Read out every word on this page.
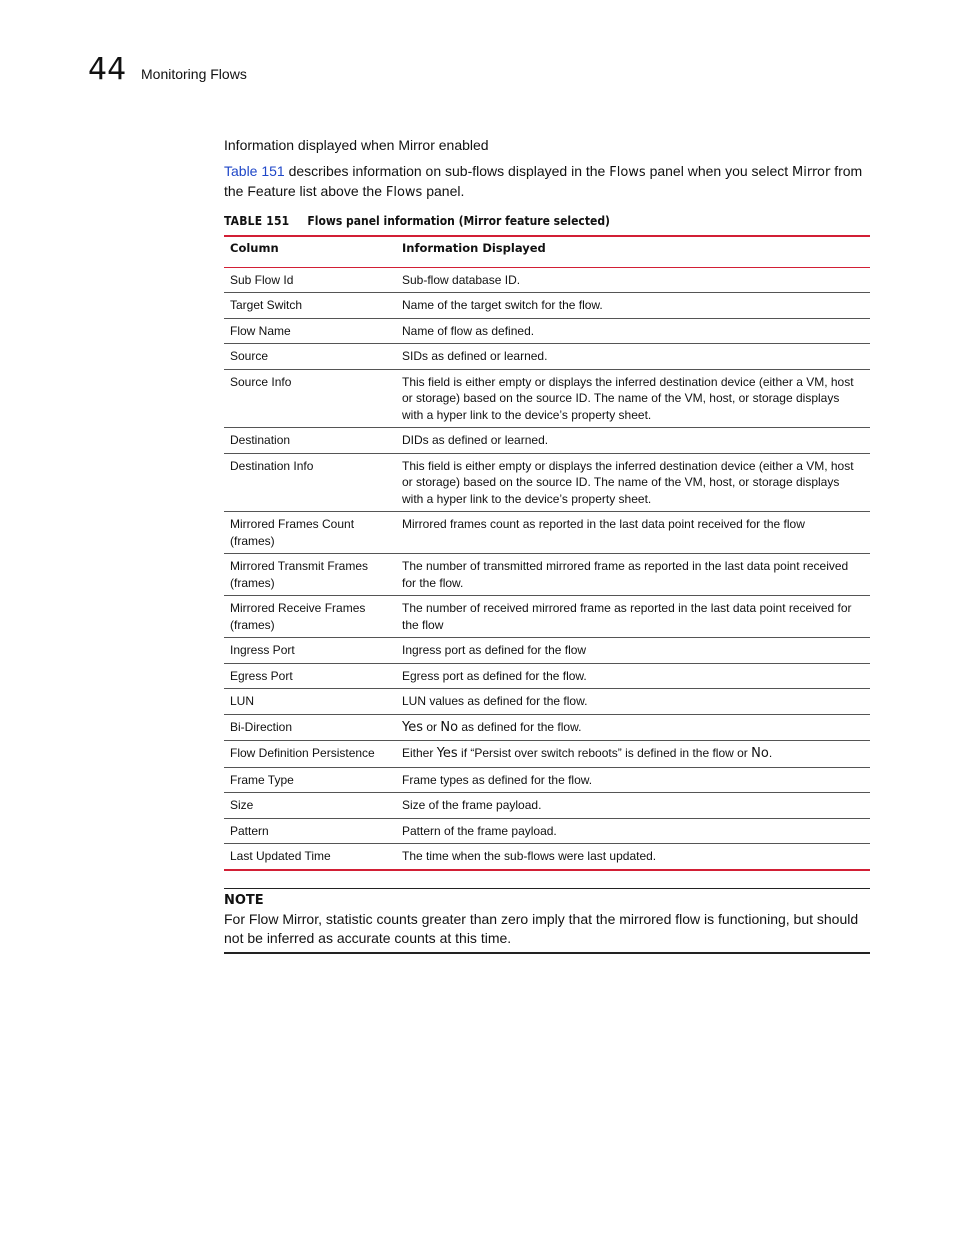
44 Monitoring Flows
Information displayed when Mirror enabled

Table 151 describes information on sub-flows displayed in the Flows panel when you select Mirror from the Feature list above the Flows panel.

TABLE 151 Flows panel information (Mirror feature selected)
Column	Information Displayed
Sub Flow Id	Sub-flow database ID.
Target Switch	Name of the target switch for the flow.
Flow Name	Name of flow as defined.
Source	SIDs as defined or learned.
Source Info	This field is either empty or displays the inferred destination device (either a VM, host or storage) based on the source ID. The name of the VM, host, or storage displays with a hyper link to the device’s property sheet.
Destination	DIDs as defined or learned.
Destination Info	This field is either empty or displays the inferred destination device (either a VM, host or storage) based on the source ID. The name of the VM, host, or storage displays with a hyper link to the device’s property sheet.
Mirrored Frames Count (frames)	Mirrored frames count as reported in the last data point received for the flow
Mirrored Transmit Frames (frames)	The number of transmitted mirrored frame as reported in the last data point received for the flow.
Mirrored Receive Frames (frames)	The number of received mirrored frame as reported in the last data point received for the flow
Ingress Port	Ingress port as defined for the flow
Egress Port	Egress port as defined for the flow.
LUN	LUN values as defined for the flow.
Bi-Direction	Yes or No as defined for the flow.
Flow Definition Persistence	Either Yes if “Persist over switch reboots” is defined in the flow or No.
Frame Type	Frame types as defined for the flow.
Size	Size of the frame payload.
Pattern	Pattern of the frame payload.
Last Updated Time	The time when the sub-flows were last updated.
NOTE
For Flow Mirror, statistic counts greater than zero imply that the mirrored flow is functioning, but should not be inferred as accurate counts at this time.
